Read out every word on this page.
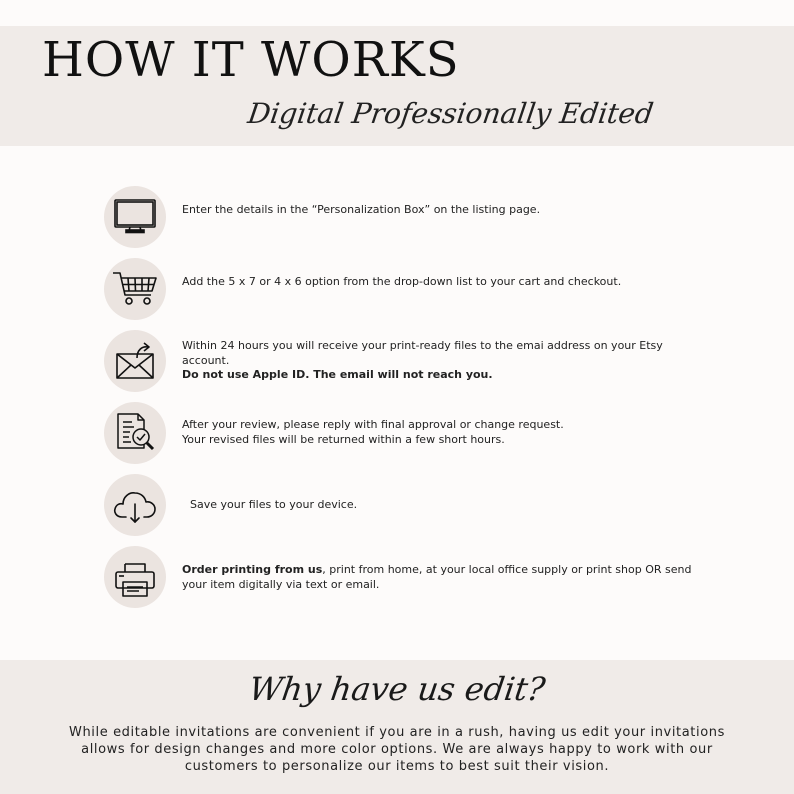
HOW IT WORKS
Digital Professionally Edited
Enter the details in the “Personalization Box” on the listing page.
Add the 5 x 7 or 4 x 6 option from the drop-down list to your cart and checkout.
Within 24 hours you will receive your print-ready files to the emai address on your Etsy account.
Do not use Apple ID. The email will not reach you.
After your review, please reply with final approval or change request.
Your revised files will be returned within a few short hours.
Save your files to your device.
Order printing from us, print from home, at your local office supply or print shop OR send your item digitally via text or email.
Why have us edit?
While editable invitations are convenient if you are in a rush, having us edit your invitations allows for design changes and more color options. We are always happy to work with our customers to personalize our items to best suit their vision.
